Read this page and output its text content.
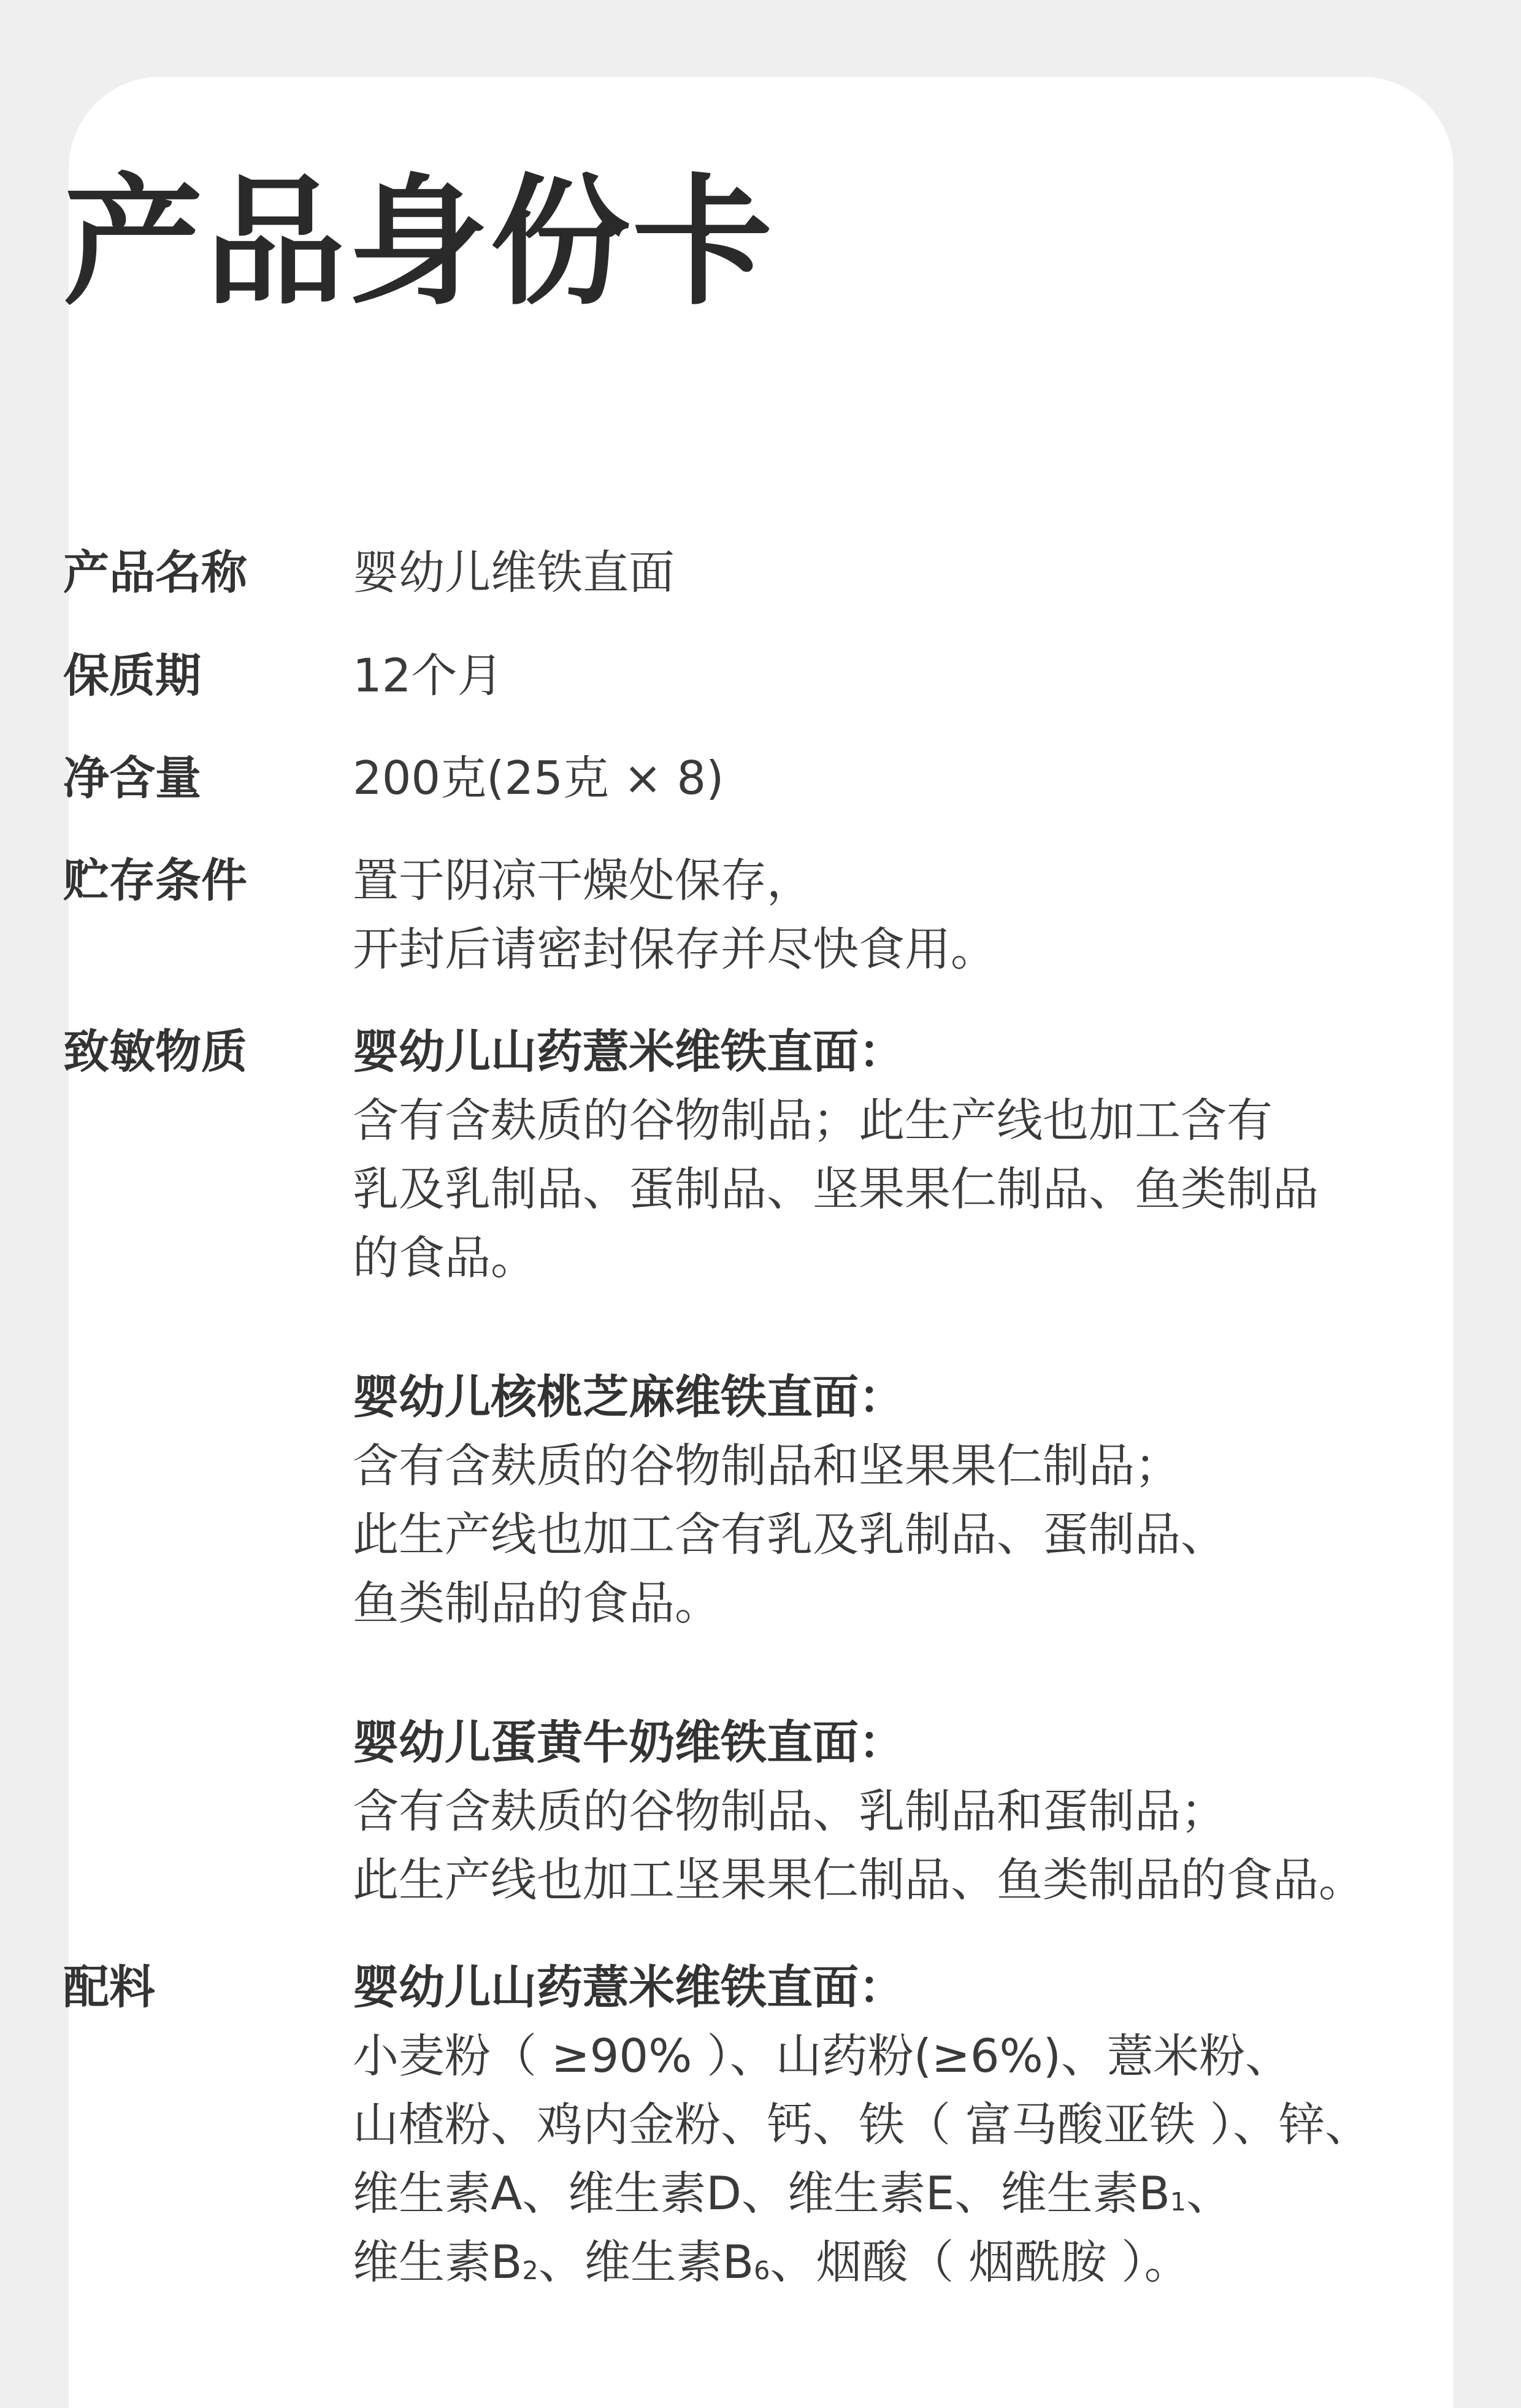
产品身份卡
产品名称 婴幼儿维铁直面
保质期	12个月
净含量	200克(25克 × 8)
贮存条件 置于阴凉干燥处保存，
开封后请密封保存并尽快食用。
致敏物质 婴幼儿山药薏米维铁直面：
含有含麸质的谷物制品；此生产线也加工含有
乳及乳制品、蛋制品、坚果果仁制品、鱼类制品
的食品。
婴幼儿核桃芝麻维铁直面：
含有含麸质的谷物制品和坚果果仁制品；
此生产线也加工含有乳及乳制品、蛋制品、
鱼类制品的食品。
婴幼儿蛋黄牛奶维铁直面：
含有含麸质的谷物制品、乳制品和蛋制品；
此生产线也加工坚果果仁制品、鱼类制品的食品。
配料	婴幼儿山药薏米维铁直面：
小麦粉（ ≥90% ）、山药粉(≥6%)、薏米粉、
山楂粉、鸡内金粉、钙、铁（ 富马酸亚铁 ）、锌、
维生素A、维生素D、维生素E、维生素$B_1$、
维生素$B_2$、维生素$B_6$、烟酸（ 烟酰胺 ）。
